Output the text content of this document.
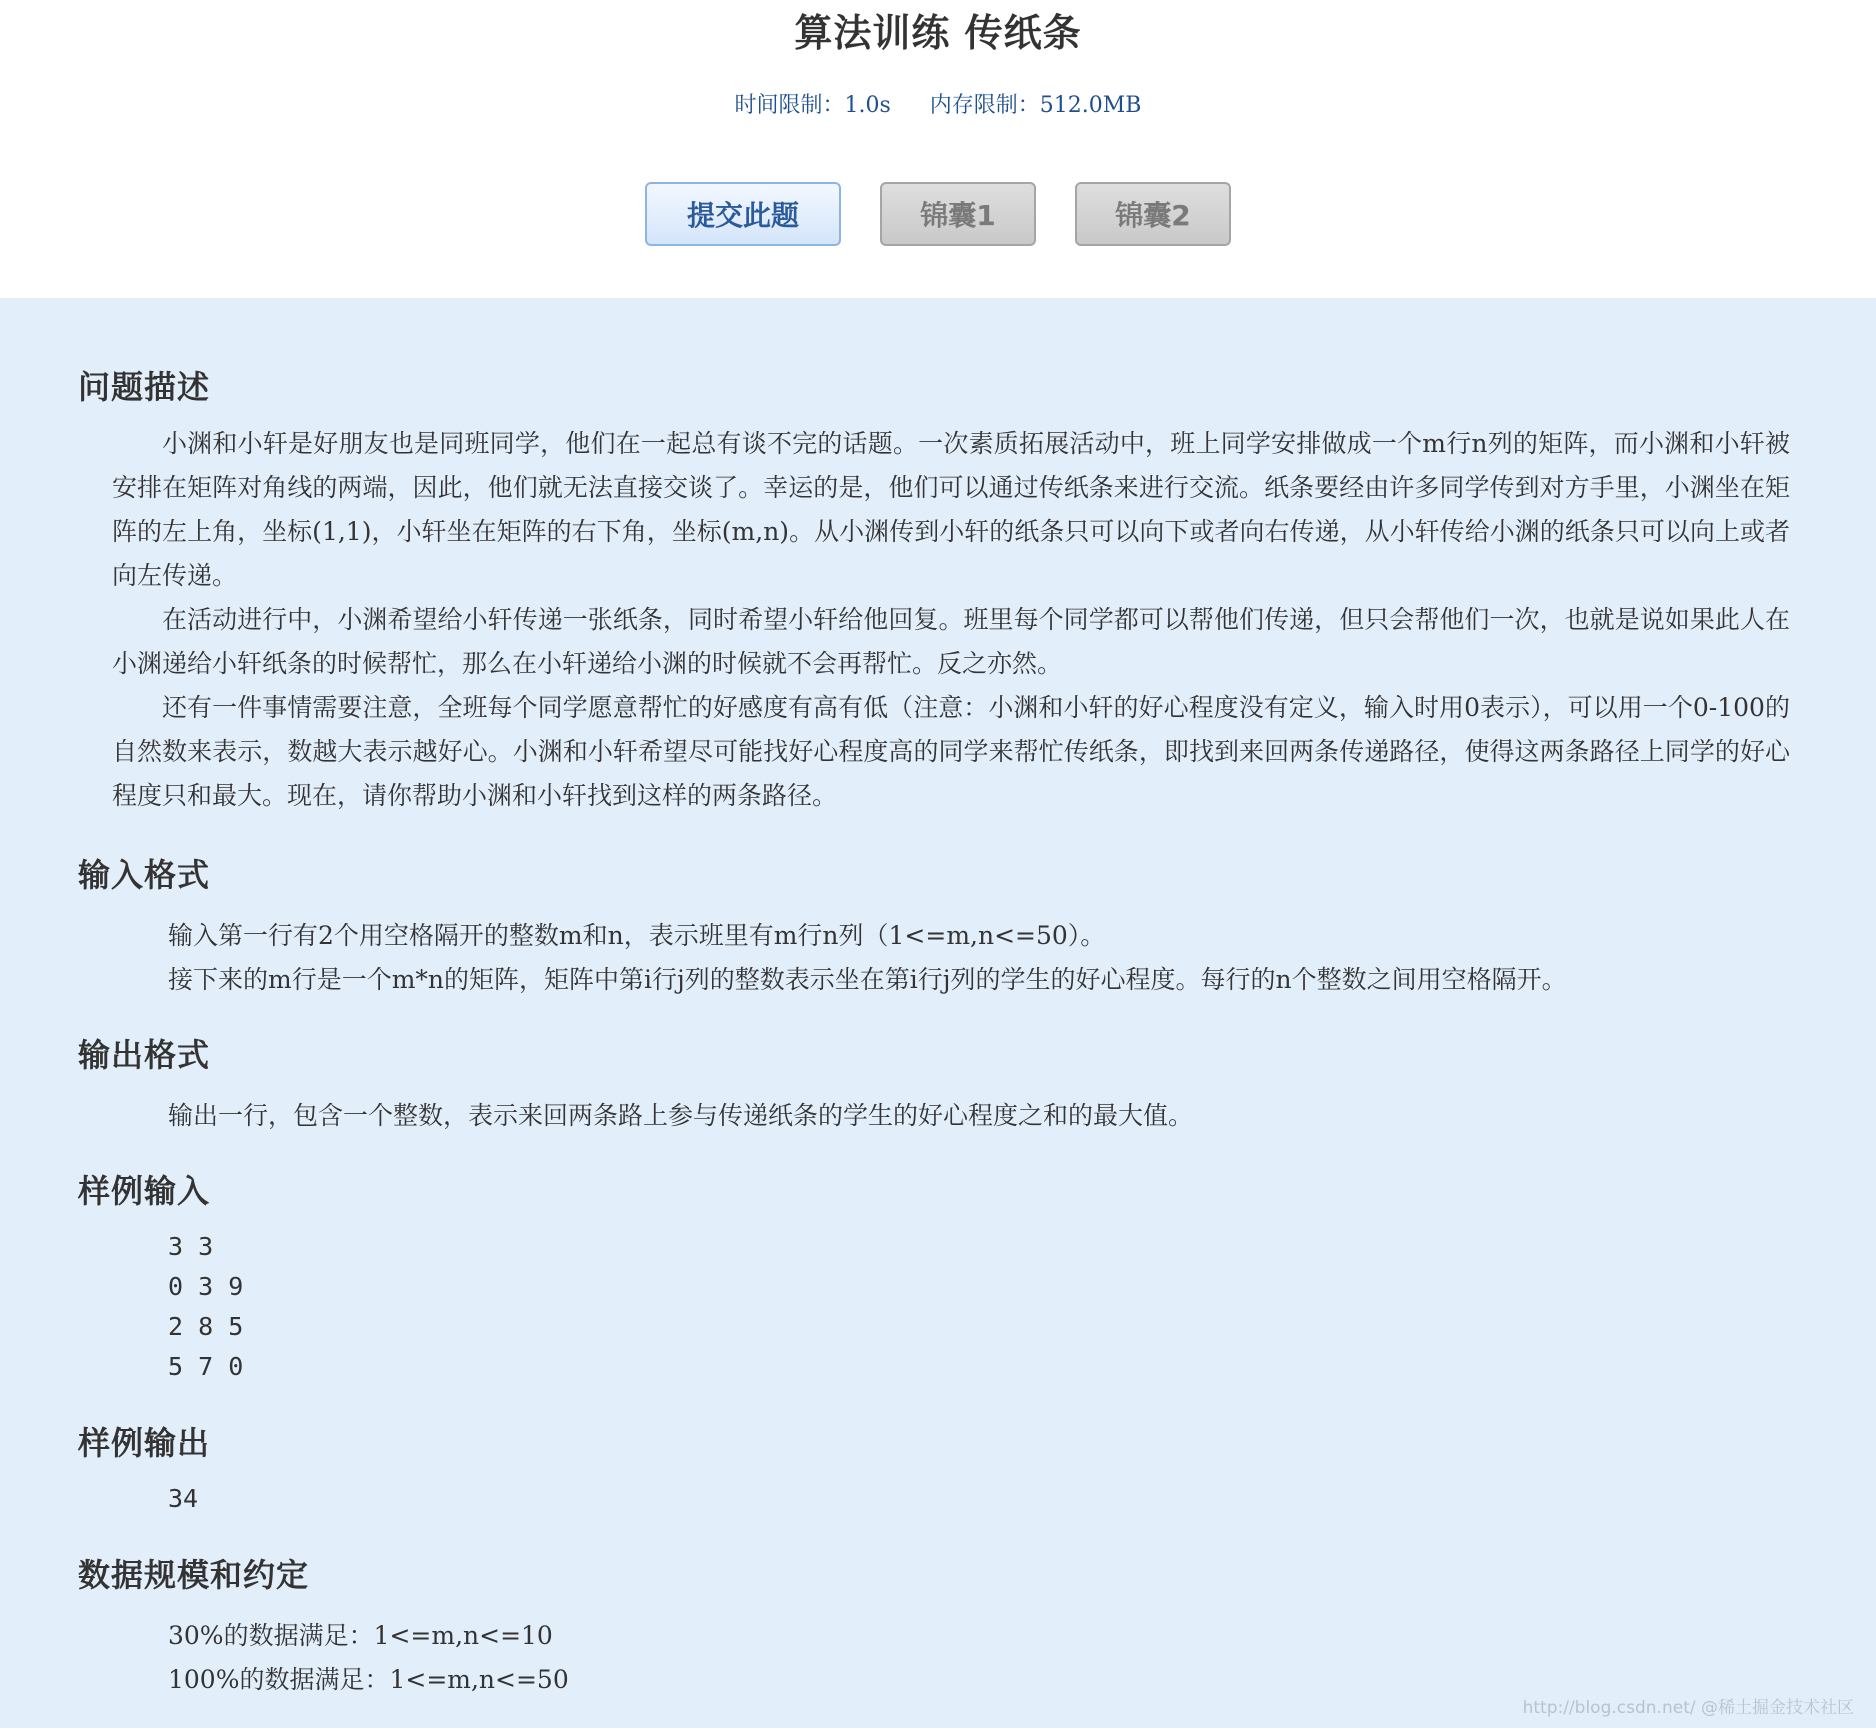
算法训练 传纸条
时间限制：1.0s 内存限制：512.0MB
提交此题	锦囊1	锦囊2
问题描述

小渊和小轩是好朋友也是同班同学，他们在一起总有谈不完的话题。一次素质拓展活动中，班上同学安排做成一个m行n列的矩阵，而小渊和小轩被安排在矩阵对角线的两端，因此，他们就无法直接交谈了。幸运的是，他们可以通过传纸条来进行交流。纸条要经由许多同学传到对方手里，小渊坐在矩阵的左上角，坐标(1,1)，小轩坐在矩阵的右下角，坐标(m,n)。从小渊传到小轩的纸条只可以向下或者向右传递，从小轩传给小渊的纸条只可以向上或者向左传递。

在活动进行中，小渊希望给小轩传递一张纸条，同时希望小轩给他回复。班里每个同学都可以帮他们传递，但只会帮他们一次，也就是说如果此人在小渊递给小轩纸条的时候帮忙，那么在小轩递给小渊的时候就不会再帮忙。反之亦然。

还有一件事情需要注意，全班每个同学愿意帮忙的好感度有高有低（注意：小渊和小轩的好心程度没有定义，输入时用0表示），可以用一个0-100的自然数来表示，数越大表示越好心。小渊和小轩希望尽可能找好心程度高的同学来帮忙传纸条，即找到来回两条传递路径，使得这两条路径上同学的好心程度只和最大。现在，请你帮助小渊和小轩找到这样的两条路径。

输入格式
输入第一行有2个用空格隔开的整数m和n，表示班里有m行n列（1<=m,n<=50）。
接下来的m行是一个m*n的矩阵，矩阵中第i行j列的整数表示坐在第i行j列的学生的好心程度。每行的n个整数之间用空格隔开。
输出格式
输出一行，包含一个整数，表示来回两条路上参与传递纸条的学生的好心程度之和的最大值。
样例输入
3 3
0 3 9
2 8 5
5 7 0
样例输出
34
数据规模和约定
30%的数据满足：1<=m,n<=10
100%的数据满足：1<=m,n<=50
http://blog.csdn.net/ @稀土掘金技术社区
